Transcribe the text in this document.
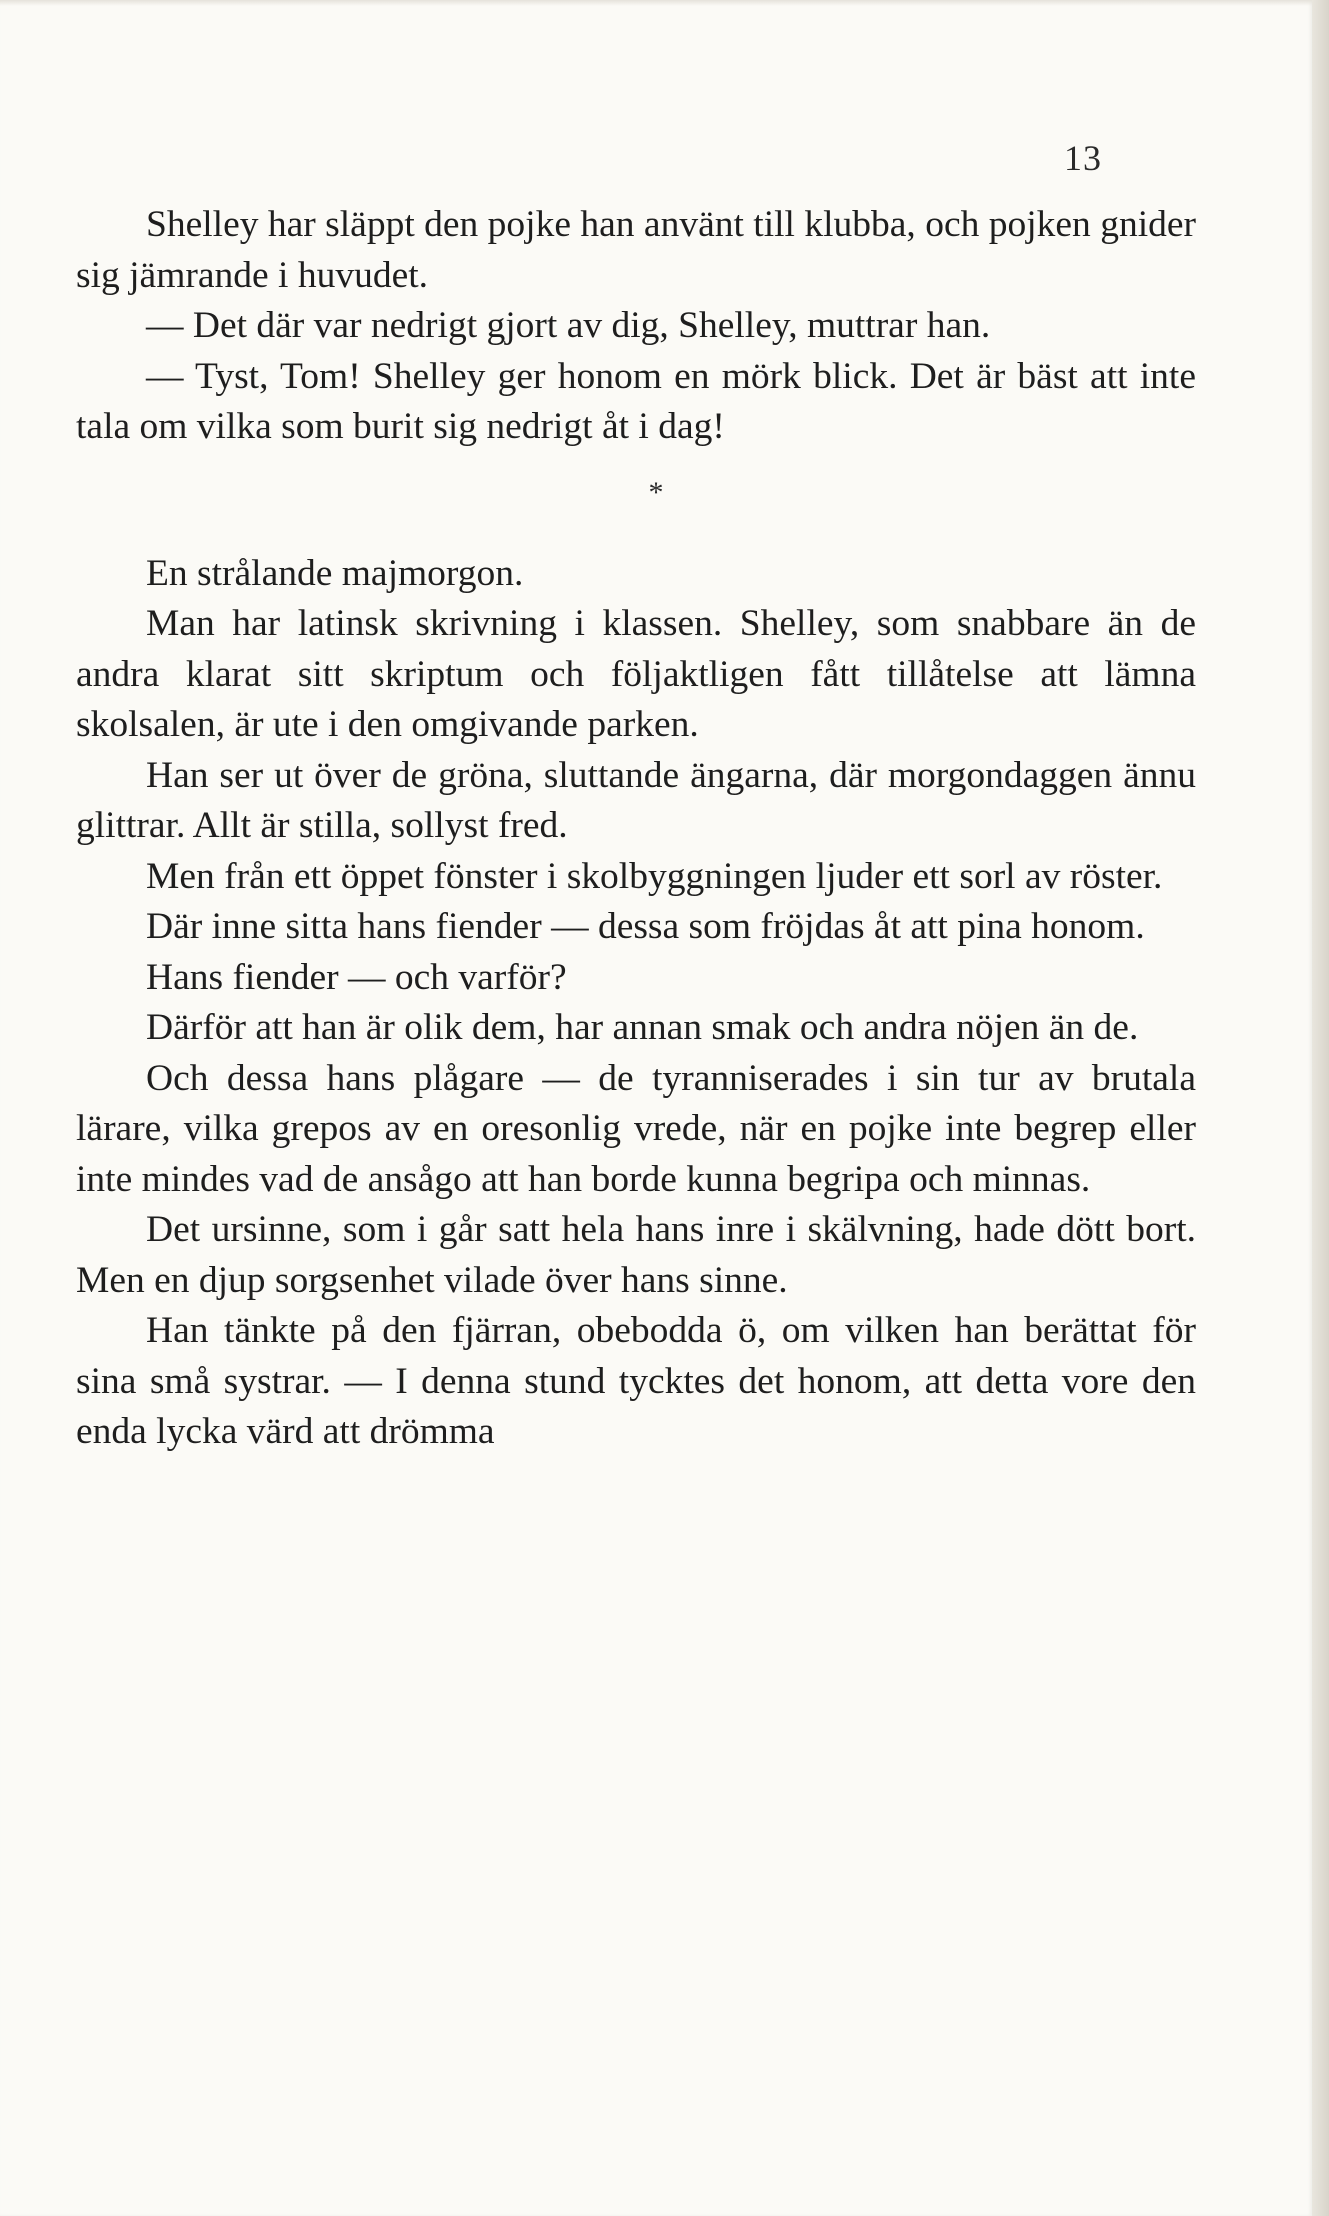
13

Shelley har släppt den pojke han använt till klubba, och pojken gnider sig jämrande i huvudet.

— Det där var nedrigt gjort av dig, Shelley, muttrar han.

— Tyst, Tom! Shelley ger honom en mörk blick. Det är bäst att inte tala om vilka som burit sig nedrigt åt i dag!

*

En strålande majmorgon.

Man har latinsk skrivning i klassen. Shelley, som snabbare än de andra klarat sitt skriptum och följaktligen fått tillåtelse att lämna skolsalen, är ute i den omgivande parken.

Han ser ut över de gröna, sluttande ängarna, där morgondaggen ännu glittrar. Allt är stilla, sollyst fred.

Men från ett öppet fönster i skolbyggningen ljuder ett sorl av röster.

Där inne sitta hans fiender — dessa som fröjdas åt att pina honom.

Hans fiender — och varför?

Därför att han är olik dem, har annan smak och andra nöjen än de.

Och dessa hans plågare — de tyranniserades i sin tur av brutala lärare, vilka grepos av en oresonlig vrede, när en pojke inte begrep eller inte mindes vad de ansågo att han borde kunna begripa och minnas.

Det ursinne, som i går satt hela hans inre i skälvning, hade dött bort. Men en djup sorgsenhet vilade över hans sinne.

Han tänkte på den fjärran, obebodda ö, om vilken han berättat för sina små systrar. — I denna stund tycktes det honom, att detta vore den enda lycka värd att drömma
